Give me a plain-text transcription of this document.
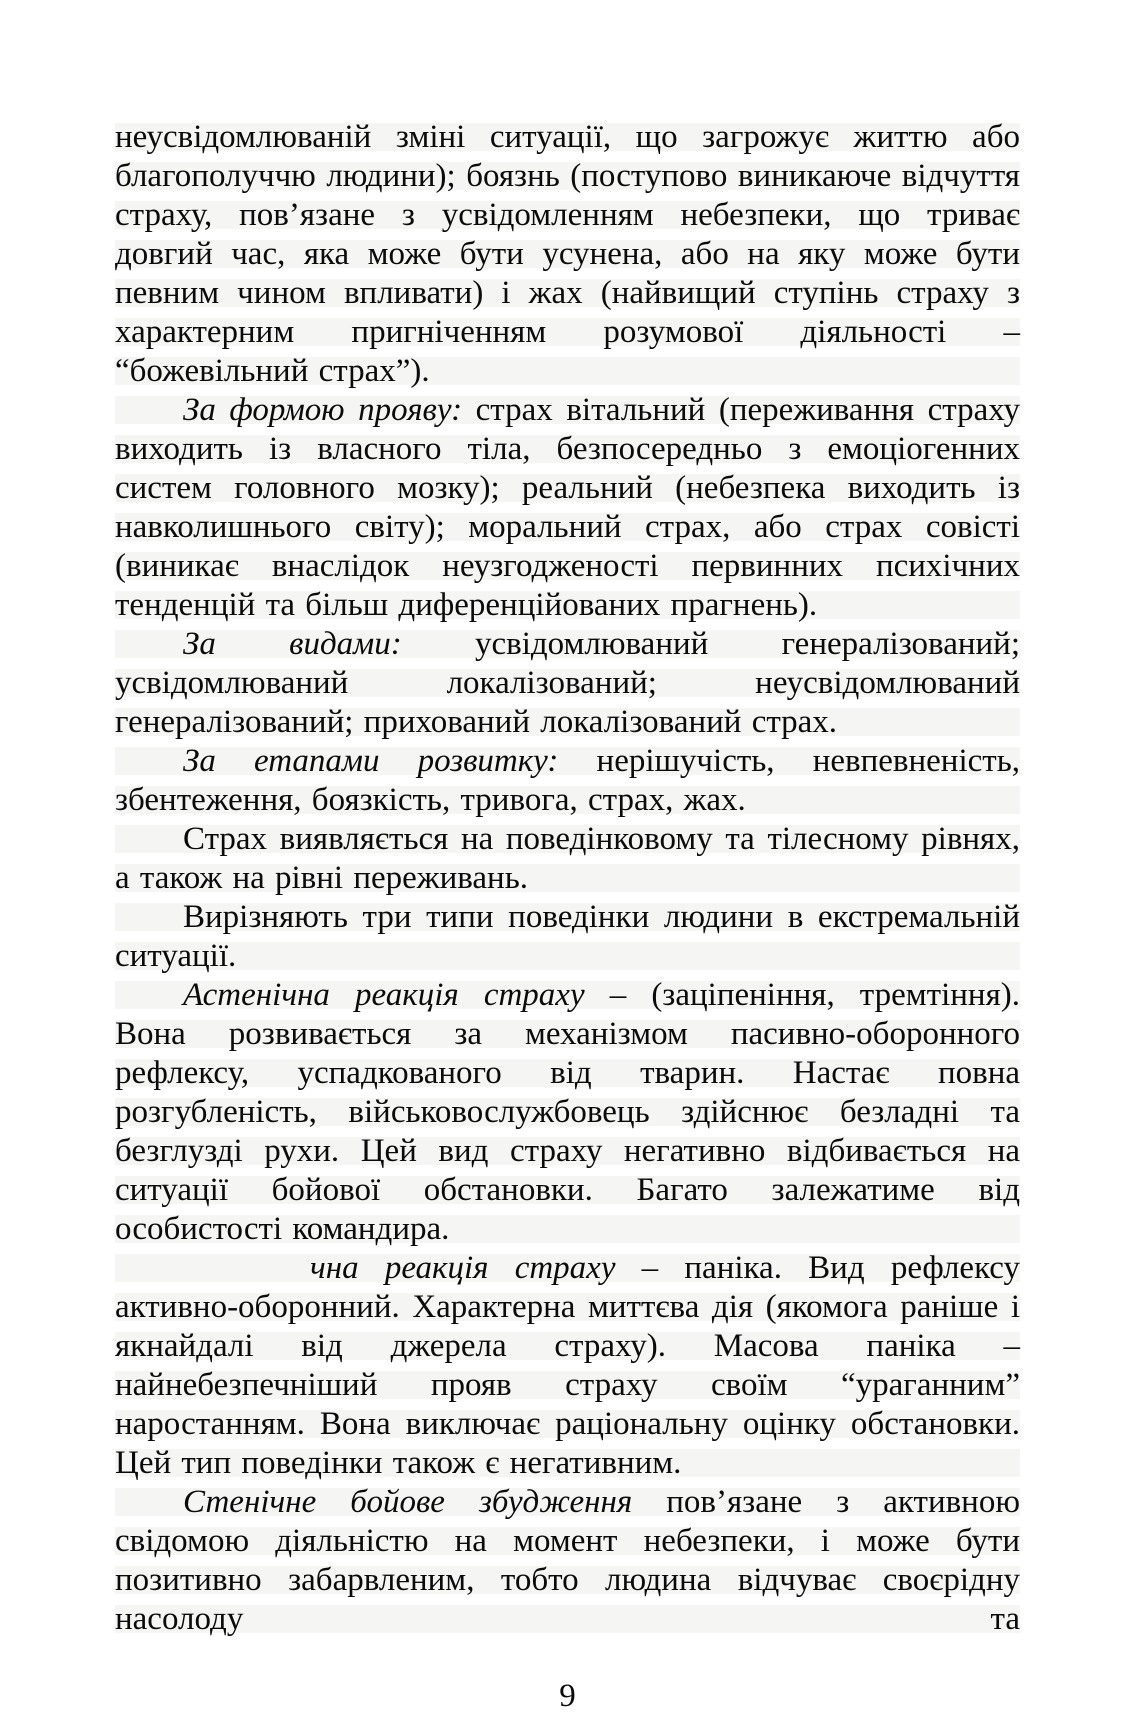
неусвідомлюваній зміні ситуації, що загрожує життю або благополуччю людини); боязнь (поступово виникаюче відчуття страху, пов’язане з усвідомленням небезпеки, що триває довгий час, яка може бути усунена, або на яку може бути певним чином впливати) і жах (найвищий ступінь страху з характерним пригніченням розумової діяльності – “божевільний страх”).

За формою прояву: страх вітальний (переживання страху виходить із власного тіла, безпосередньо з емоціогенних систем головного мозку); реальний (небезпека виходить із навколишнього світу); моральний страх, або страх совісті (виникає внаслідок неузгодженості первинних психічних тенденцій та більш диференційованих прагнень).

За видами: усвідомлюваний генералізований; усвідомлюваний локалізований; неусвідомлюваний генералізований; прихований локалізований страх.

За етапами розвитку: нерішучість, невпевненість, збентеження, боязкість, тривога, страх, жах.

Страх виявляється на поведінковому та тілесному рівнях, а також на рівні переживань.

Вирізняють три типи поведінки людини в екстремальній ситуації.

Астенічна реакція страху – (заціпеніння, тремтіння). Вона розвивається за механізмом пасивно-оборонного рефлексу, успадкованого від тварин. Настає повна розгубленість, військовослужбовець здійснює безладні та безглузді рухи. Цей вид страху негативно відбивається на ситуації бойової обстановки. Багато залежатиме від особистості командира.

чна реакція страху – паніка. Вид рефлексу активно-оборонний. Характерна миттєва дія (якомога раніше і якнайдалі від джерела страху). Масова паніка – найнебезпечніший прояв страху своїм “ураганним” наростанням. Вона виключає раціональну оцінку обстановки. Цей тип поведінки також є негативним.

Стенічне бойове збудження пов’язане з активною свідомою діяльністю на момент небезпеки, і може бути позитивно забарвленим, тобто людина відчуває своєрідну насолоду та

9
